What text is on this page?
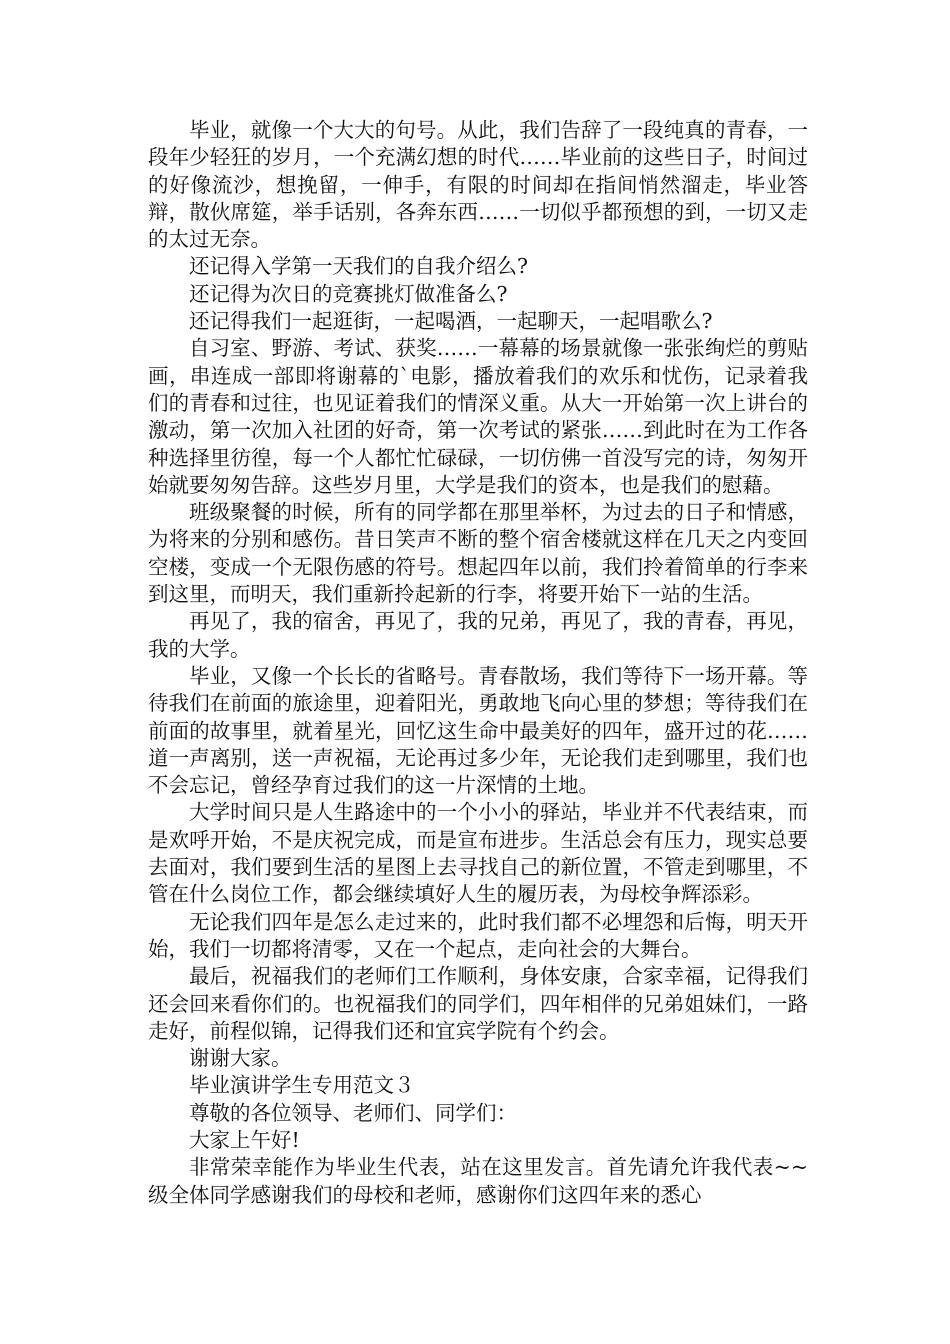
毕业，就像一个大大的句号。从此，我们告辞了一段纯真的青春，一段年少轻狂的岁月，一个充满幻想的时代……毕业前的这些日子，时间过的好像流沙，想挽留，一伸手，有限的时间却在指间悄然溜走，毕业答辩，散伙席筵，举手话别，各奔东西……一切似乎都预想的到，一切又走的太过无奈。

还记得入学第一天我们的自我介绍么?

还记得为次日的竞赛挑灯做准备么?

还记得我们一起逛街，一起喝酒，一起聊天，一起唱歌么?

自习室、野游、考试、获奖……一幕幕的场景就像一张张绚烂的剪贴画，串连成一部即将谢幕的`电影，播放着我们的欢乐和忧伤，记录着我们的青春和过往，也见证着我们的情深义重。从大一开始第一次上讲台的激动，第一次加入社团的好奇，第一次考试的紧张……到此时在为工作各种选择里彷徨，每一个人都忙忙碌碌，一切仿佛一首没写完的诗，匆匆开始就要匆匆告辞。这些岁月里，大学是我们的资本，也是我们的慰藉。

班级聚餐的时候，所有的同学都在那里举杯，为过去的日子和情感，为将来的分别和感伤。昔日笑声不断的整个宿舍楼就这样在几天之内变回空楼，变成一个无限伤感的符号。想起四年以前，我们拎着简单的行李来到这里，而明天，我们重新拎起新的行李，将要开始下一站的生活。

再见了，我的宿舍，再见了，我的兄弟，再见了，我的青春，再见，我的大学。

毕业，又像一个长长的省略号。青春散场，我们等待下一场开幕。等待我们在前面的旅途里，迎着阳光，勇敢地飞向心里的梦想；等待我们在前面的故事里，就着星光，回忆这生命中最美好的四年，盛开过的花……道一声离别，送一声祝福，无论再过多少年，无论我们走到哪里，我们也不会忘记，曾经孕育过我们的这一片深情的土地。

大学时间只是人生路途中的一个小小的驿站，毕业并不代表结束，而是欢呼开始，不是庆祝完成，而是宣布进步。生活总会有压力，现实总要去面对，我们要到生活的星图上去寻找自己的新位置，不管走到哪里，不管在什么岗位工作，都会继续填好人生的履历表，为母校争辉添彩。

无论我们四年是怎么走过来的，此时我们都不必埋怨和后悔，明天开始，我们一切都将清零，又在一个起点，走向社会的大舞台。

最后，祝福我们的老师们工作顺利，身体安康，合家幸福，记得我们还会回来看你们的。也祝福我们的同学们，四年相伴的兄弟姐妹们，一路走好，前程似锦，记得我们还和宜宾学院有个约会。

谢谢大家。

毕业演讲学生专用范文３

尊敬的各位领导、老师们、同学们：

大家上午好!

非常荣幸能作为毕业生代表，站在这里发言。首先请允许我代表~~级全体同学感谢我们的母校和老师，感谢你们这四年来的悉心
